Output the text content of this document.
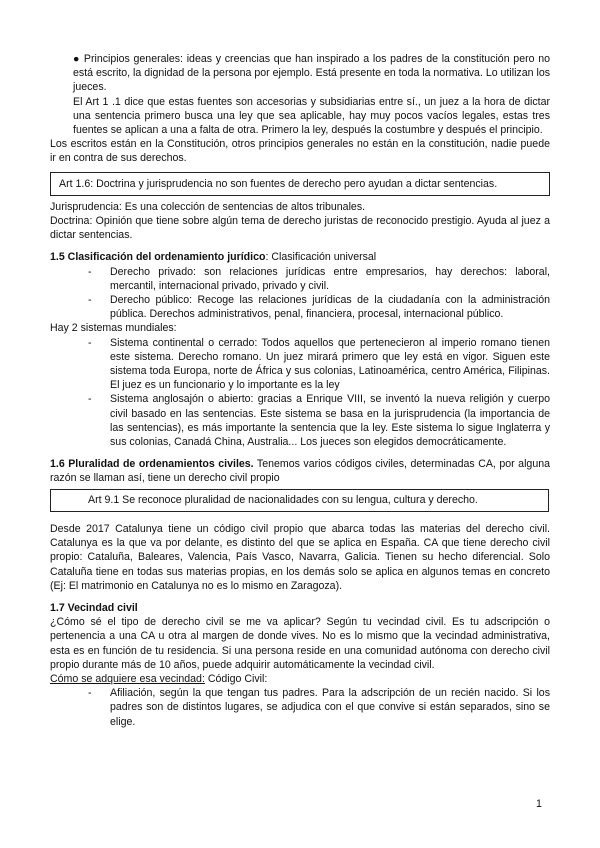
● Principios generales: ideas y creencias que han inspirado a los padres de la constitución pero no está escrito, la dignidad de la persona por ejemplo. Está presente en toda la normativa. Lo utilizan los jueces.

El Art 1 .1 dice que estas fuentes son accesorias y subsidiarias entre sí., un juez a la hora de dictar una sentencia primero busca una ley que sea aplicable, hay muy pocos vacíos legales, estas tres fuentes se aplican a una a falta de otra. Primero la ley, después la costumbre y después el principio.

Los escritos están en la Constitución, otros principios generales no están en la constitución, nadie puede ir en contra de sus derechos.

Art 1.6: Doctrina y jurisprudencia no son fuentes de derecho pero ayudan a dictar sentencias.

Jurisprudencia: Es una colección de sentencias de altos tribunales.

Doctrina: Opinión que tiene sobre algún tema de derecho juristas de reconocido prestigio. Ayuda al juez a dictar sentencias.

1.5 Clasificación del ordenamiento jurídico: Clasificación universal

- Derecho privado: son relaciones jurídicas entre empresarios, hay derechos: laboral, mercantil, internacional privado, privado y civil.
- Derecho público: Recoge las relaciones jurídicas de la ciudadanía con la administración pública. Derechos administrativos, penal, financiera, procesal, internacional público.

Hay 2 sistemas mundiales:

- Sistema continental o cerrado: Todos aquellos que pertenecieron al imperio romano tienen este sistema. Derecho romano. Un juez mirará primero que ley está en vigor. Siguen este sistema toda Europa, norte de África y sus colonias, Latinoamérica, centro América, Filipinas. El juez es un funcionario y lo importante es la ley
- Sistema anglosajón o abierto: gracias a Enrique VIII, se inventó la nueva religión y cuerpo civil basado en las sentencias. Este sistema se basa en la jurisprudencia (la importancia de las sentencias), es más importante la sentencia que la ley. Este sistema lo sigue Inglaterra y sus colonias, Canadá China, Australia... Los jueces son elegidos democráticamente.

1.6 Pluralidad de ordenamientos civiles. Tenemos varios códigos civiles, determinadas CA, por alguna razón se llaman así, tiene un derecho civil propio

Art 9.1 Se reconoce pluralidad de nacionalidades con su lengua, cultura y derecho.

Desde 2017 Catalunya tiene un código civil propio que abarca todas las materias del derecho civil. Catalunya es la que va por delante, es distinto del que se aplica en España. CA que tiene derecho civil propio: Cataluña, Baleares, Valencia, País Vasco, Navarra, Galicia. Tienen su hecho diferencial. Solo Cataluña tiene en todas sus materias propias, en los demás solo se aplica en algunos temas en concreto (Ej: El matrimonio en Catalunya no es lo mismo en Zaragoza).

1.7 Vecindad civil

¿Cómo sé el tipo de derecho civil se me va aplicar? Según tu vecindad civil. Es tu adscripción o pertenencia a una CA u otra al margen de donde vives. No es lo mismo que la vecindad administrativa, esta es en función de tu residencia. Si una persona reside en una comunidad autónoma con derecho civil propio durante más de 10 años, puede adquirir automáticamente la vecindad civil.

Cómo se adquiere esa vecindad: Código Civil:

- Afiliación, según la que tengan tus padres. Para la adscripción de un recién nacido. Si los padres son de distintos lugares, se adjudica con el que convive si están separados, sino se elige.
1
